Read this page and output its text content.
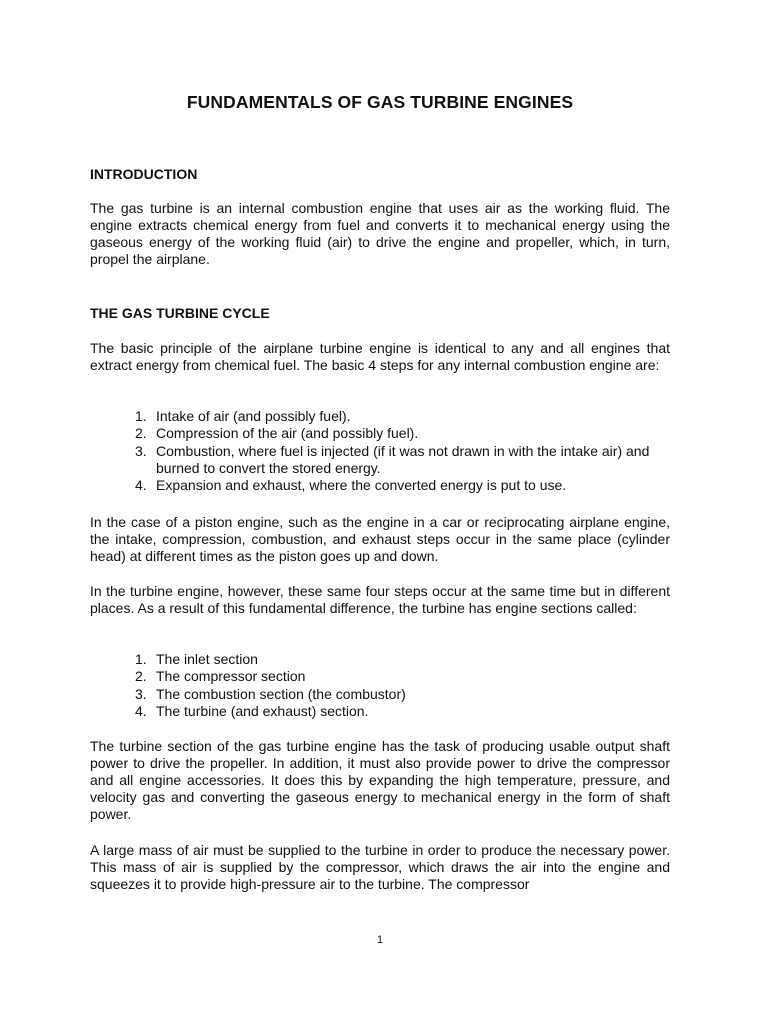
FUNDAMENTALS OF GAS TURBINE ENGINES
INTRODUCTION
The gas turbine is an internal combustion engine that uses air as the working fluid. The engine extracts chemical energy from fuel and converts it to mechanical energy using the gaseous energy of the working fluid (air) to drive the engine and propeller, which, in turn, propel the airplane.
THE GAS TURBINE CYCLE
The basic principle of the airplane turbine engine is identical to any and all engines that extract energy from chemical fuel. The basic 4 steps for any internal combustion engine are:
1. Intake of air (and possibly fuel).
2. Compression of the air (and possibly fuel).
3. Combustion, where fuel is injected (if it was not drawn in with the intake air) and burned to convert the stored energy.
4. Expansion and exhaust, where the converted energy is put to use.
In the case of a piston engine, such as the engine in a car or reciprocating airplane engine, the intake, compression, combustion, and exhaust steps occur in the same place (cylinder head) at different times as the piston goes up and down.
In the turbine engine, however, these same four steps occur at the same time but in different places. As a result of this fundamental difference, the turbine has engine sections called:
1. The inlet section
2. The compressor section
3. The combustion section (the combustor)
4. The turbine (and exhaust) section.
The turbine section of the gas turbine engine has the task of producing usable output shaft power to drive the propeller. In addition, it must also provide power to drive the compressor and all engine accessories. It does this by expanding the high temperature, pressure, and velocity gas and converting the gaseous energy to mechanical energy in the form of shaft power.
A large mass of air must be supplied to the turbine in order to produce the necessary power. This mass of air is supplied by the compressor, which draws the air into the engine and squeezes it to provide high-pressure air to the turbine. The compressor
1
